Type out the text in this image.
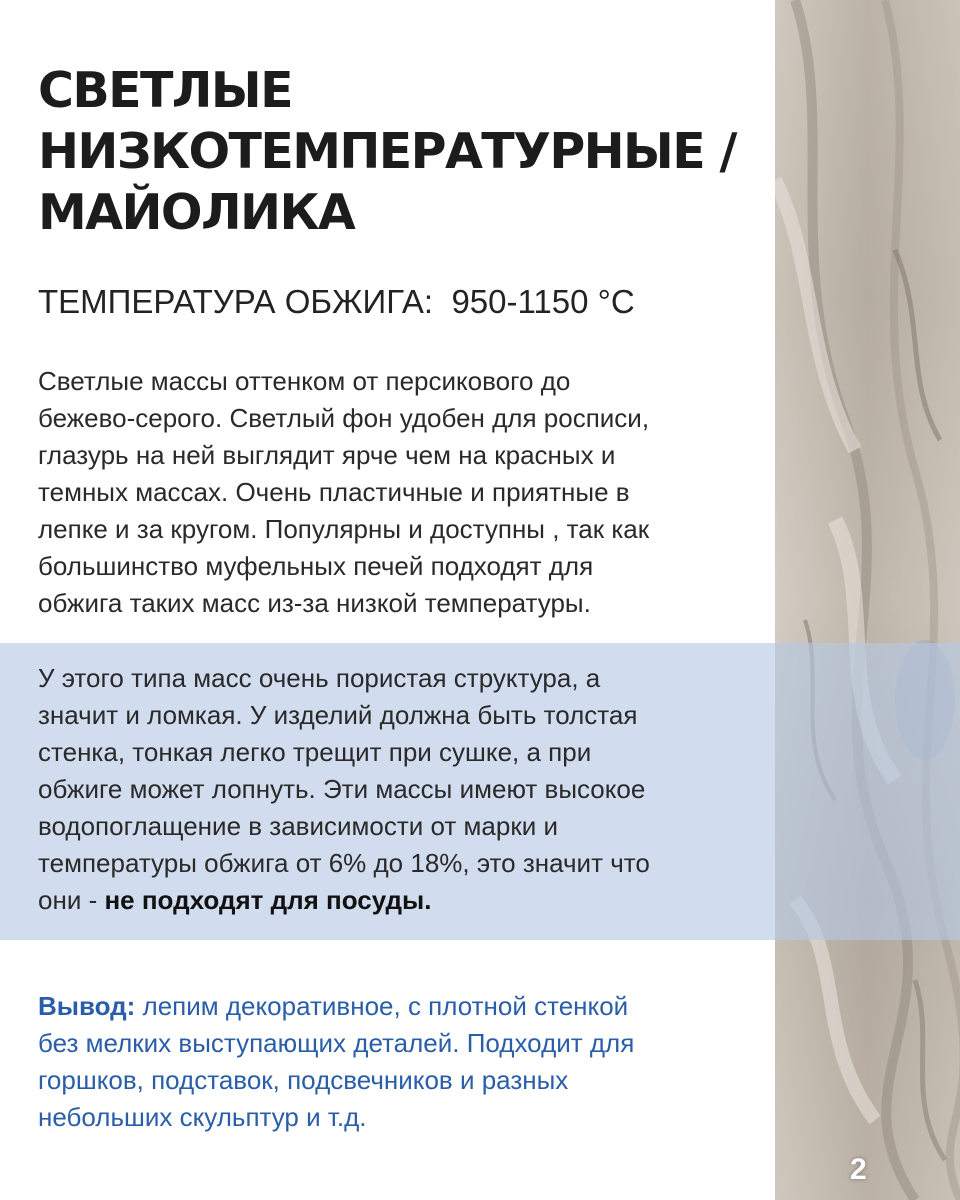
СВЕТЛЫЕ
НИЗКОТЕМПЕРАТУРНЫЕ /
МАЙОЛИКА
ТЕМПЕРАТУРА ОБЖИГА: 950-1150 °C

Светлые массы оттенком от персикового до
бежево-серого. Светлый фон удобен для росписи,
глазурь на ней выглядит ярче чем на красных и
темных массах. Очень пластичные и приятные в
лепке и за кругом. Популярны и доступны , так как
большинство муфельных печей подходят для
обжига таких масс из-за низкой температуры.

У этого типа масс очень пористая структура, а
значит и ломкая. У изделий должна быть толстая
стенка, тонкая легко трещит при сушке, а при
обжиге может лопнуть. Эти массы имеют высокое
водопоглащение в зависимости от марки и
температуры обжига от 6% до 18%, это значит что
они - не подходят для посуды.

Вывод: лепим декоративное, с плотной стенкой
без мелких выступающих деталей. Подходит для
горшков, подставок, подсвечников и разных
небольших скульптур и т.д.

2
